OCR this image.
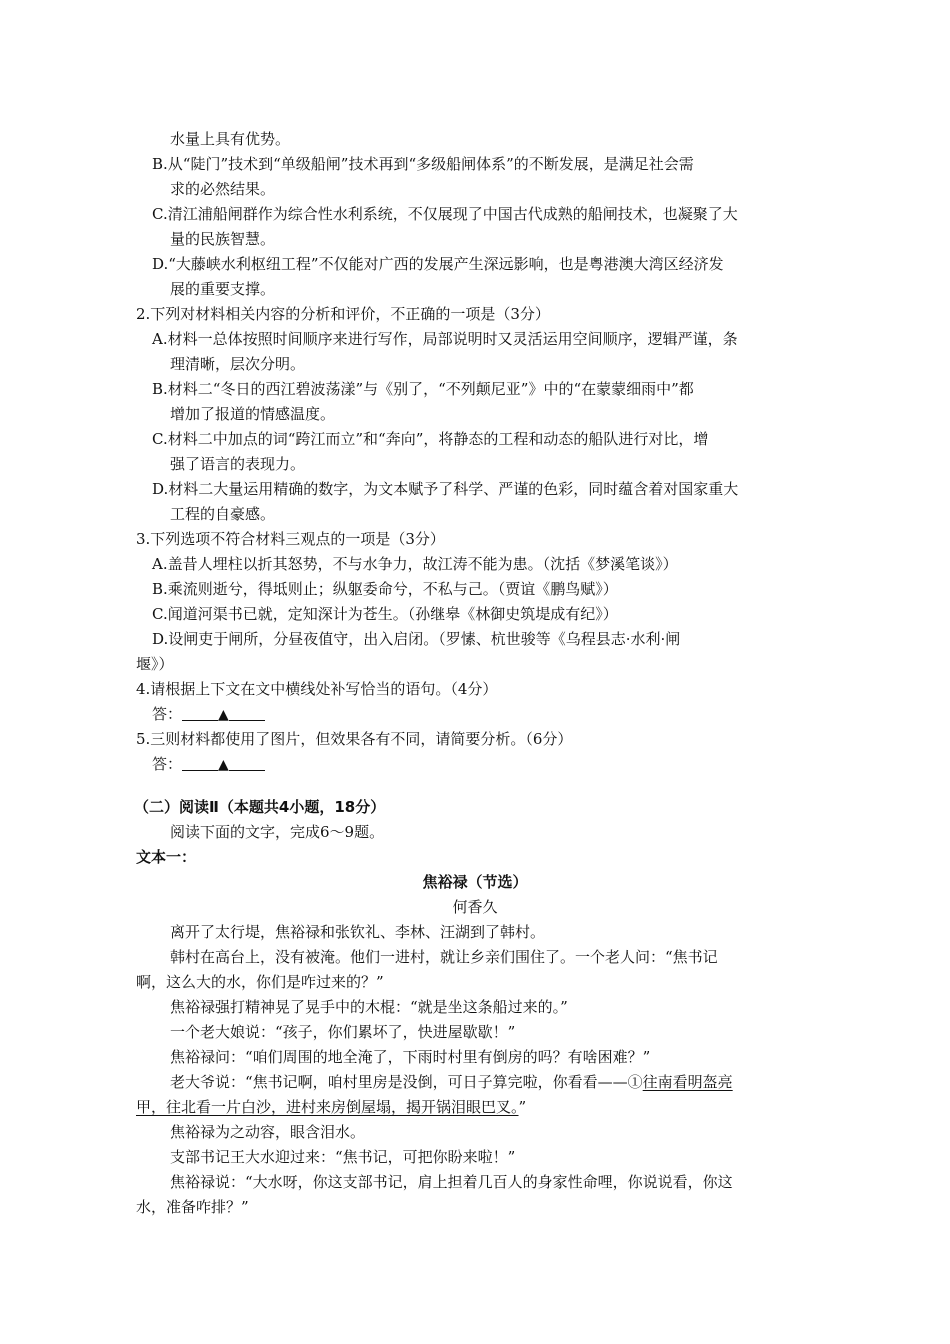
水量上具有优势。
B.从“陡门”技术到“单级船闸”技术再到“多级船闸体系”的不断发展，是满足社会需
求的必然结果。
C.清江浦船闸群作为综合性水利系统，不仅展现了中国古代成熟的船闸技术，也凝聚了大
量的民族智慧。
D.“大藤峡水利枢纽工程”不仅能对广西的发展产生深远影响，也是粤港澳大湾区经济发
展的重要支撑。
2.下列对材料相关内容的分析和评价，不正确的一项是（3分）
A.材料一总体按照时间顺序来进行写作，局部说明时又灵活运用空间顺序，逻辑严谨，条
理清晰，层次分明。
B.材料二“冬日的西江碧波荡漾”与《别了，“不列颠尼亚”》中的“在蒙蒙细雨中”都
增加了报道的情感温度。
C.材料二中加点的词“跨江而立”和“奔向”，将静态的工程和动态的船队进行对比，增
强了语言的表现力。
D.材料二大量运用精确的数字，为文本赋予了科学、严谨的色彩，同时蕴含着对国家重大
工程的自豪感。
3.下列选项不符合材料三观点的一项是（3分）
A.盖昔人埋柱以折其怒势，不与水争力，故江涛不能为患。（沈括《梦溪笔谈》）
B.乘流则逝兮，得坻则止；纵躯委命兮，不私与己。（贾谊《鹏鸟赋》）
C.闻道河渠书已就，定知深计为苍生。（孙继皋《林御史筑堤成有纪》）
D.设闸吏于闸所，分昼夜值守，出入启闭。（罗愫、杭世骏等《乌程县志·水利·闸
堰》）
4.请根据上下文在文中横线处补写恰当的语句。（4分）
答：	▲
5.三则材料都使用了图片，但效果各有不同，请简要分析。（6分）
答：	▲
（二）阅读Ⅱ（本题共4小题，18分）
阅读下面的文字，完成6～9题。
文本一：
焦裕禄（节选）
何香久
离开了太行堤，焦裕禄和张钦礼、李林、汪湖到了韩村。
韩村在高台上，没有被淹。他们一进村，就让乡亲们围住了。一个老人问：“焦书记
啊，这么大的水，你们是咋过来的？”
焦裕禄强打精神晃了晃手中的木棍：“就是坐这条船过来的。”
一个老大娘说：“孩子，你们累坏了，快进屋歇歇！”
焦裕禄问：“咱们周围的地全淹了，下雨时村里有倒房的吗？有啥困难？”
老大爷说：“焦书记啊，咱村里房是没倒，可日子算完啦，你看看——①往南看明盔亮
甲，往北看一片白沙，进村来房倒屋塌，揭开锅泪眼巴叉。”
焦裕禄为之动容，眼含泪水。
支部书记王大水迎过来：“焦书记，可把你盼来啦！”
焦裕禄说：“大水呀，你这支部书记，肩上担着几百人的身家性命哩，你说说看，你这
水，准备咋排？”
